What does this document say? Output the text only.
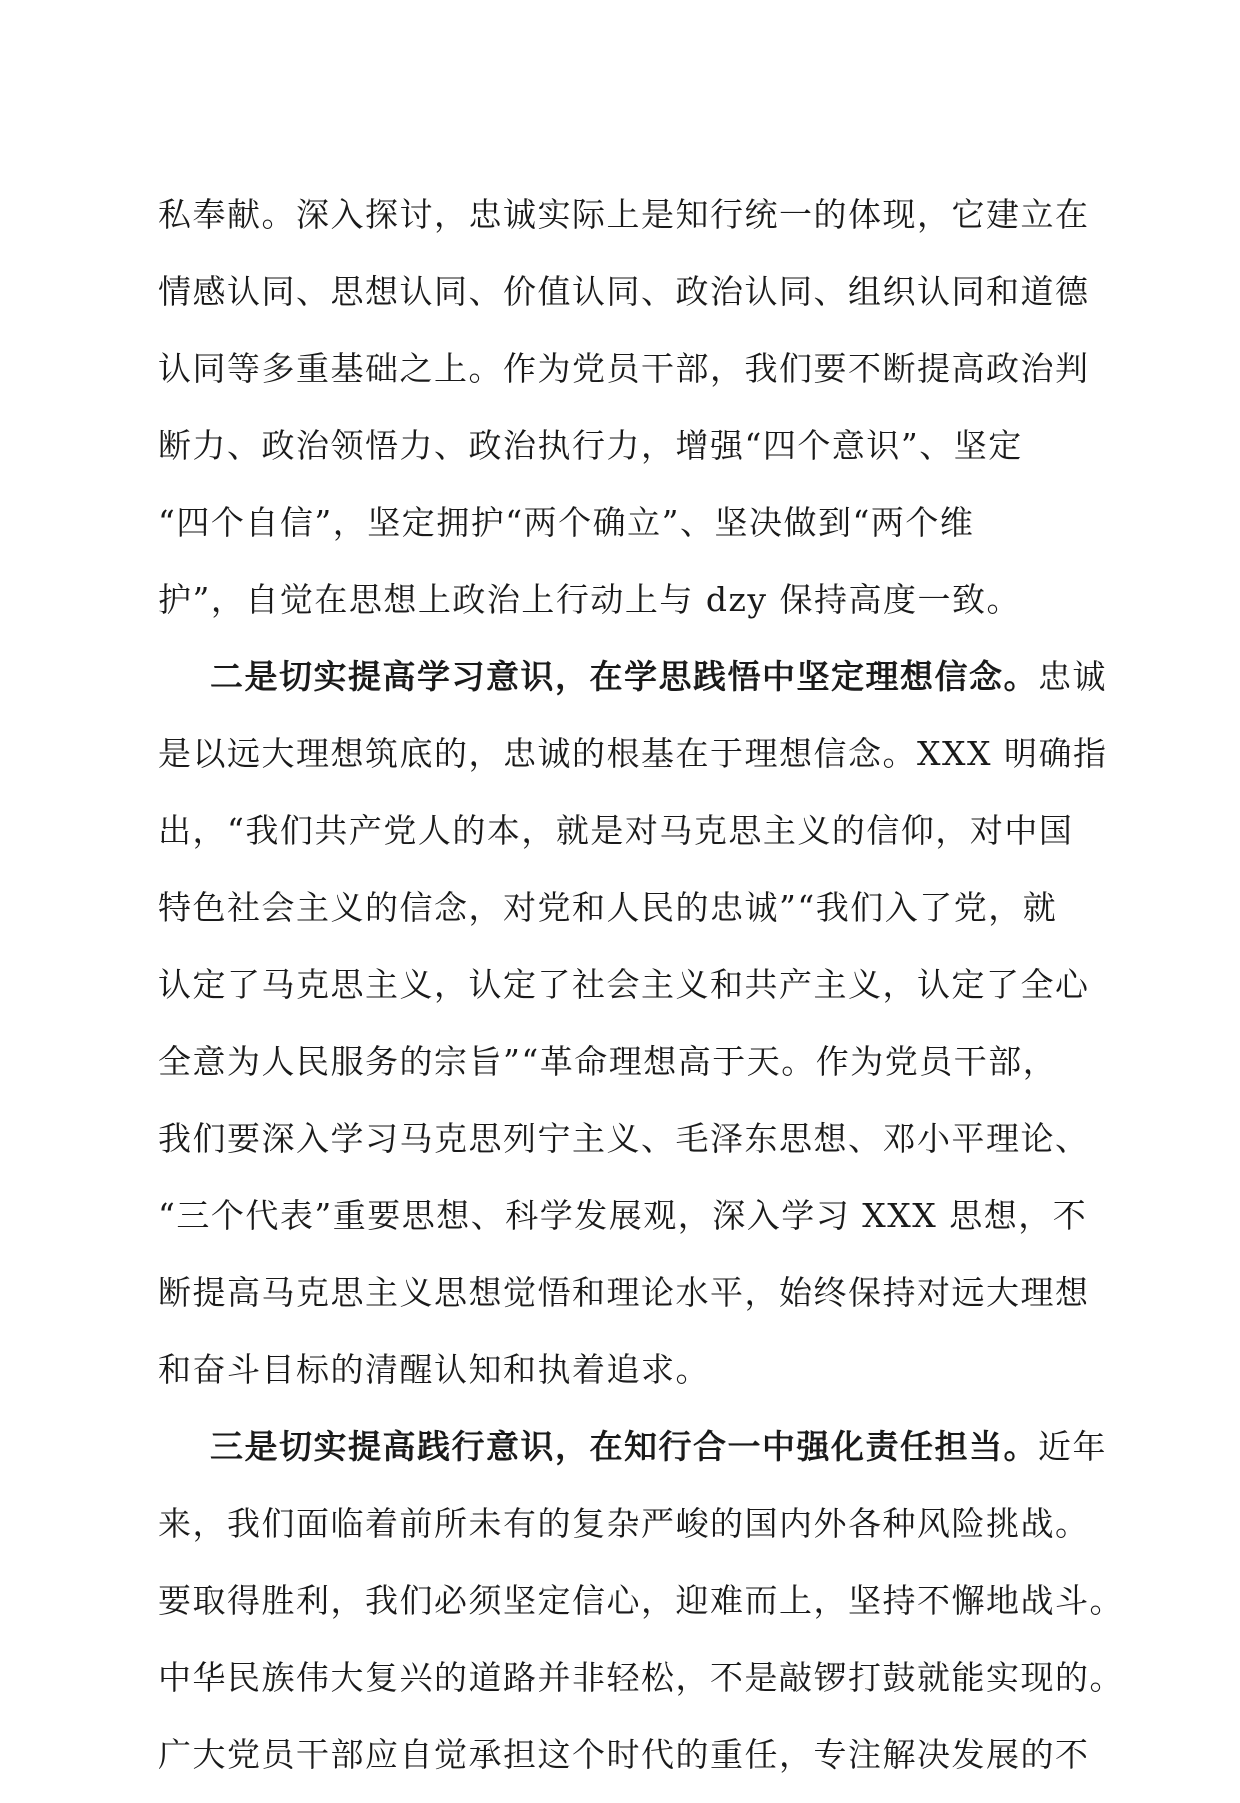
私奉献。深入探讨，忠诚实际上是知行统一的体现，它建立在
情感认同、思想认同、价值认同、政治认同、组织认同和道德
认同等多重基础之上。作为党员干部，我们要不断提高政治判
断力、政治领悟力、政治执行力，增强“四个意识”、坚定
“四个自信”，坚定拥护“两个确立”、坚决做到“两个维
护”，自觉在思想上政治上行动上与 dzy 保持高度一致。
二是切实提高学习意识，在学思践悟中坚定理想信念。忠诚
是以远大理想筑底的，忠诚的根基在于理想信念。XXX 明确指
出，“我们共产党人的本，就是对马克思主义的信仰，对中国
特色社会主义的信念，对党和人民的忠诚”“我们入了党，就
认定了马克思主义，认定了社会主义和共产主义，认定了全心
全意为人民服务的宗旨”“革命理想高于天。作为党员干部，
我们要深入学习马克思列宁主义、毛泽东思想、邓小平理论、
“三个代表”重要思想、科学发展观，深入学习 XXX 思想，不
断提高马克思主义思想觉悟和理论水平，始终保持对远大理想
和奋斗目标的清醒认知和执着追求。
三是切实提高践行意识，在知行合一中强化责任担当。近年
来，我们面临着前所未有的复杂严峻的国内外各种风险挑战。
要取得胜利，我们必须坚定信心，迎难而上，坚持不懈地战斗。
中华民族伟大复兴的道路并非轻松，不是敲锣打鼓就能实现的。
广大党员干部应自觉承担这个时代的重任，专注解决发展的不
